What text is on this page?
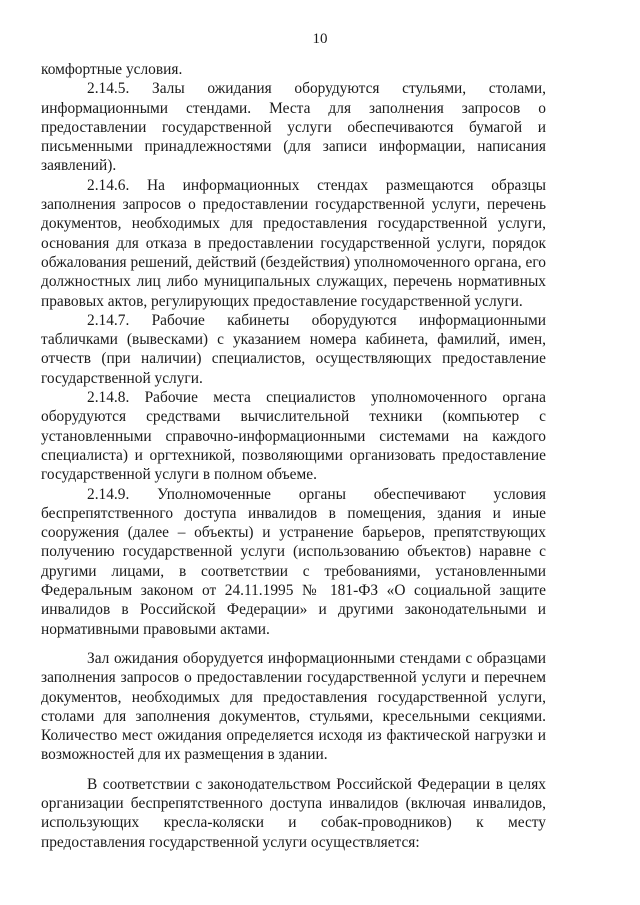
10

комфортные условия.

2.14.5. Залы ожидания оборудуются стульями, столами, информационными стендами. Места для заполнения запросов о предоставлении государственной услуги обеспечиваются бумагой и письменными принадлежностями (для записи информации, написания заявлений).

2.14.6. На информационных стендах размещаются образцы заполнения запросов о предоставлении государственной услуги, перечень документов, необходимых для предоставления государственной услуги, основания для отказа в предоставлении государственной услуги, порядок обжалования решений, действий (бездействия) уполномоченного органа, его должностных лиц либо муниципальных служащих, перечень нормативных правовых актов, регулирующих предоставление государственной услуги.

2.14.7. Рабочие кабинеты оборудуются информационными табличками (вывесками) с указанием номера кабинета, фамилий, имен, отчеств (при наличии) специалистов, осуществляющих предоставление государственной услуги.

2.14.8. Рабочие места специалистов уполномоченного органа оборудуются средствами вычислительной техники (компьютер с установленными справочно-информационными системами на каждого специалиста) и оргтехникой, позволяющими организовать предоставление государственной услуги в полном объеме.

2.14.9. Уполномоченные органы обеспечивают условия беспрепятственного доступа инвалидов в помещения, здания и иные сооружения (далее – объекты) и устранение барьеров, препятствующих получению государственной услуги (использованию объектов) наравне с другими лицами, в соответствии с требованиями, установленными Федеральным законом от 24.11.1995 № 181-ФЗ «О социальной защите инвалидов в Российской Федерации» и другими законодательными и нормативными правовыми актами.

Зал ожидания оборудуется информационными стендами с образцами заполнения запросов о предоставлении государственной услуги и перечнем документов, необходимых для предоставления государственной услуги, столами для заполнения документов, стульями, кресельными секциями. Количество мест ожидания определяется исходя из фактической нагрузки и возможностей для их размещения в здании.

В соответствии с законодательством Российской Федерации в целях организации беспрепятственного доступа инвалидов (включая инвалидов, использующих кресла-коляски и собак-проводников) к месту предоставления государственной услуги осуществляется:
